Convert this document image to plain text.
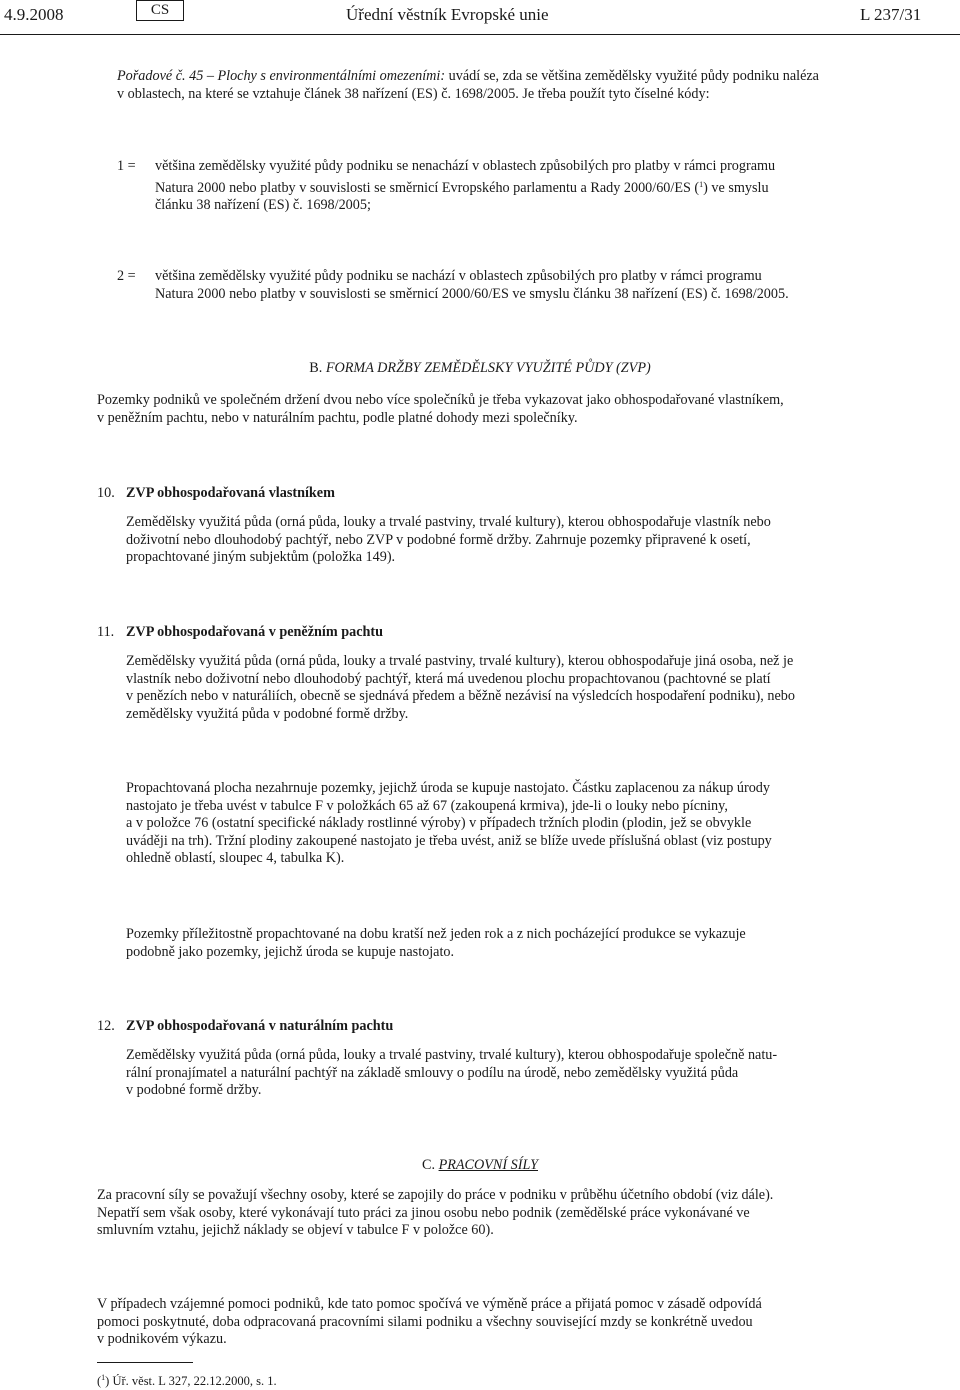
4.9.2008	CS	Úřední věstník Evropské unie	L 237/31

Pořadové č. 45 – Plochy s environmentálními omezeními: uvádí se, zda se většina zemědělsky využité půdy podniku naléza

v oblastech, na které se vztahuje článek 38 nařízení (ES) č. 1698/2005. Je třeba použít tyto číselné kódy:

1 = většina zemědělsky využité půdy podniku se nenachází v oblastech způsobilých pro platby v rámci programu

Natura 2000 nebo platby v souvislosti se směrnicí Evropského parlamentu a Rady 2000/60/ES ($^1$) ve smyslu

článku 38 nařízení (ES) č. 1698/2005;

2 = většina zemědělsky využité půdy podniku se nachází v oblastech způsobilých pro platby v rámci programu

Natura 2000 nebo platby v souvislosti se směrnicí 2000/60/ES ve smyslu článku 38 nařízení (ES) č. 1698/2005.

B. FORMA DRŽBY ZEMĚDĚLSKY VYUŽITÉ PŮDY (ZVP)

Pozemky podniků ve společném držení dvou nebo více společníků je třeba vykazovat jako obhospodařované vlastníkem,

v peněžním pachtu, nebo v naturálním pachtu, podle platné dohody mezi společníky.

10. ZVP obhospodařovaná vlastníkem

Zemědělsky využitá půda (orná půda, louky a trvalé pastviny, trvalé kultury), kterou obhospodařuje vlastník nebo

doživotní nebo dlouhodobý pachtýř, nebo ZVP v podobné formě držby. Zahrnuje pozemky připravené k osetí,

propachtované jiným subjektům (položka 149).

11. ZVP obhospodařovaná v peněžním pachtu

Zemědělsky využitá půda (orná půda, louky a trvalé pastviny, trvalé kultury), kterou obhospodařuje jiná osoba, než je

vlastník nebo doživotní nebo dlouhodobý pachtýř, která má uvedenou plochu propachtovanou (pachtovné se platí

v penězích nebo v naturáliích, obecně se sjednává předem a běžně nezávisí na výsledcích hospodaření podniku), nebo

zemědělsky využitá půda v podobné formě držby.

Propachtovaná plocha nezahrnuje pozemky, jejichž úroda se kupuje nastojato. Částku zaplacenou za nákup úrody

nastojato je třeba uvést v tabulce F v položkách 65 až 67 (zakoupená krmiva), jde-li o louky nebo pícniny,

a v položce 76 (ostatní specifické náklady rostlinné výroby) v případech tržních plodin (plodin, jež se obvykle

uváději na trh). Tržní plodiny zakoupené nastojato je třeba uvést, aniž se blíže uvede příslušná oblast (viz postupy

ohledně oblastí, sloupec 4, tabulka K).

Pozemky příležitostně propachtované na dobu kratší než jeden rok a z nich pocházející produkce se vykazuje

podobně jako pozemky, jejichž úroda se kupuje nastojato.

12. ZVP obhospodařovaná v naturálním pachtu

Zemědělsky využitá půda (orná půda, louky a trvalé pastviny, trvalé kultury), kterou obhospodařuje společně natu-

rální pronajímatel a naturální pachtýř na základě smlouvy o podílu na úrodě, nebo zemědělsky využitá půda

v podobné formě držby.

C. PRACOVNÍ SÍLY

Za pracovní síly se považují všechny osoby, které se zapojily do práce v podniku v průběhu účetního období (viz dále).

Nepatří sem však osoby, které vykonávají tuto práci za jinou osobu nebo podnik (zemědělské práce vykonávané ve

smluvním vztahu, jejichž náklady se objeví v tabulce F v položce 60).

V případech vzájemné pomoci podniků, kde tato pomoc spočívá ve výměně práce a přijatá pomoc v zásadě odpovídá

pomoci poskytnuté, doba odpracovaná pracovními silami podniku a všechny související mzdy se konkrétně uvedou

v podnikovém výkazu.

($^1$) Úř. věst. L 327, 22.12.2000, s. 1.
